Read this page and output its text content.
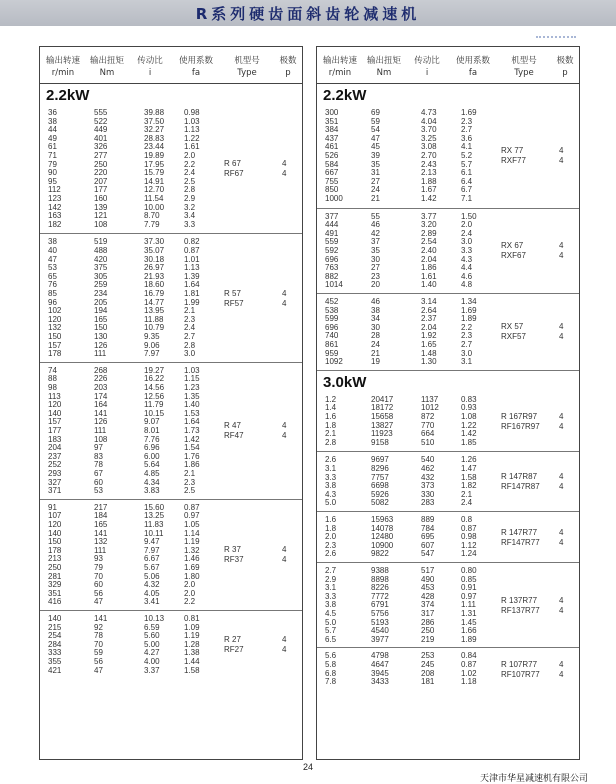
R系列硬齿面斜齿轮减速机
输出转速
r/min
输出扭矩
Nm
传动比
i
使用系数
fa
机型号
Type
极数
p
2.2kW
36	555	39.88 0.98
38	522	37.50 1.03
44	449	32.27 1.13
49	401	28.83 1.22
61	326	23.44 1.61
71	277	19.89 2.0
79	250	17.95 2.2
90	220	15.79 2.4
95	207	14.91 2.5
112	177	12.70 2.8
123	160	11.54	2.9
142	139	10.00 3.2
163	121	8.70	3.4
182	108	7.79	3.3
R 67	4
RF67	4
38	519	37.30 0.82
40	488	35.07 0.87
47	420	30.18 1.01
53	375	26.97 1.13
65	305	21.93 1.39
76	259	18.60 1.64
85	234	16.79 1.81
96	205	14.77 1.99
102	194	13.95 2.1
120	165	11.88	2.3
132	150	10.79 2.4
150	130	9.35	2.7
157	126	9.06	2.8
178	111	7.97	3.0
R 57	4
RF57	4
74	268	19.27 1.03
88	226	16.22 1.15
98	203	14.56 1.23
113	174	12.56 1.35
120	164	11.79	1.40
140	141	10.15 1.53
157	126	9.07	1.64
177	111	8.01	1.73
183	108	7.76	1.42
204	97	6.96	1.54
237	83	6.00	1.76
252	78	5.64	1.86
293	67	4.85	2.1
327	60	4.34	2.3
371	53	3.83	2.5
R 47	4
RF47	4
91	217	15.60 0.87
107	184	13.25 0.97
120	165	11.83	1.05
140	141	10.11	1.14
150	132	9.47	1.19
178	111	7.97	1.32
213	93	6.67	1.46
250	79	5.67	1.69
281	70	5.06	1.80
329	60	4.32	2.0
351	56	4.05	2.0
416	47	3.41	2.2
R 37	4
RF37	4
140	141	10.13 0.81
215	92	6.59	1.09
254	78	5.60	1.19
284	70	5.00	1.28
333	59	4.27	1.38
355	56	4.00	1.44
421	47	3.37	1.58
R 27	4
RF27	4
输出转速
r/min
输出扭矩
Nm
传动比
i
使用系数
fa
机型号
Type
极数
p
2.2kW
300	69	4.73	1.69
351	59	4.04	2.3
384	54	3.70	2.7
437	47	3.25	3.6
461	45	3.08	4.1
526	39	2.70	5.2
584	35	2.43	5.7
667	31	2.13	6.1
755	27	1.88	6.4
850	24	1.67	6.7
1000	21	1.42	7.1
RX 77	4
RXF77	4
377	55	3.77	1.50
444	46	3.20	2.0
491	42	2.89	2.4
559	37	2.54	3.0
592	35	2.40	3.3
696	30	2.04	4.3
763	27	1.86	4.4
882	23	1.61	4.6
1014	20	1.40	4.8
RX 67	4
RXF67	4
452	46	3.14	1.34
538	38	2.64	1.69
599	34	2.37	1.89
696	30	2.04	2.2
740	28	1.92	2.3
861	24	1.65	2.7
959	21	1.48	3.0
1092	19	1.30	3.1
RX 57	4
RXF57	4
3.0kW
1.2	20417	1137	0.83
1.4	18172	1012	0.93
1.6	15658	872	1.08
1.8	13827	770	1.22
2.1	11923	664	1.42
2.8	9158	510	1.85
R 167R97	4
RF167R97 4
2.6	9697	540	1.26
3.1	8296	462	1.47
3.3	7757	432	1.58
3.8	6698	373	1.82
4.3	5926	330	2.1
5.0	5082	283	2.4
R 147R87	4
RF147R87 4
1.6	15963	889	0.8
1.8	14078	784	0.87
2.0	12480	695	0.98
2.3	10900	607	1.12
2.6	9822	547	1.24
R 147R77	4
RF147R77 4
2.7	9388	517	0.80
2.9	8898	490	0.85
3.1	8226	453	0.91
3.3	7772	428	0.97
3.8	6791	374	1.11
4.5	5756	317	1.31
5.0	5193	286	1.45
5.7	4540	250	1.66
6.5	3977	219	1.89
R 137R77	4
RF137R77 4
5.6	4798	253	0.84
5.8	4647	245	0.87
6.8	3945	208	1.02
7.8	3433	181	1.18
R 107R77	4
RF107R77 4
24
天津市华星减速机有限公司
